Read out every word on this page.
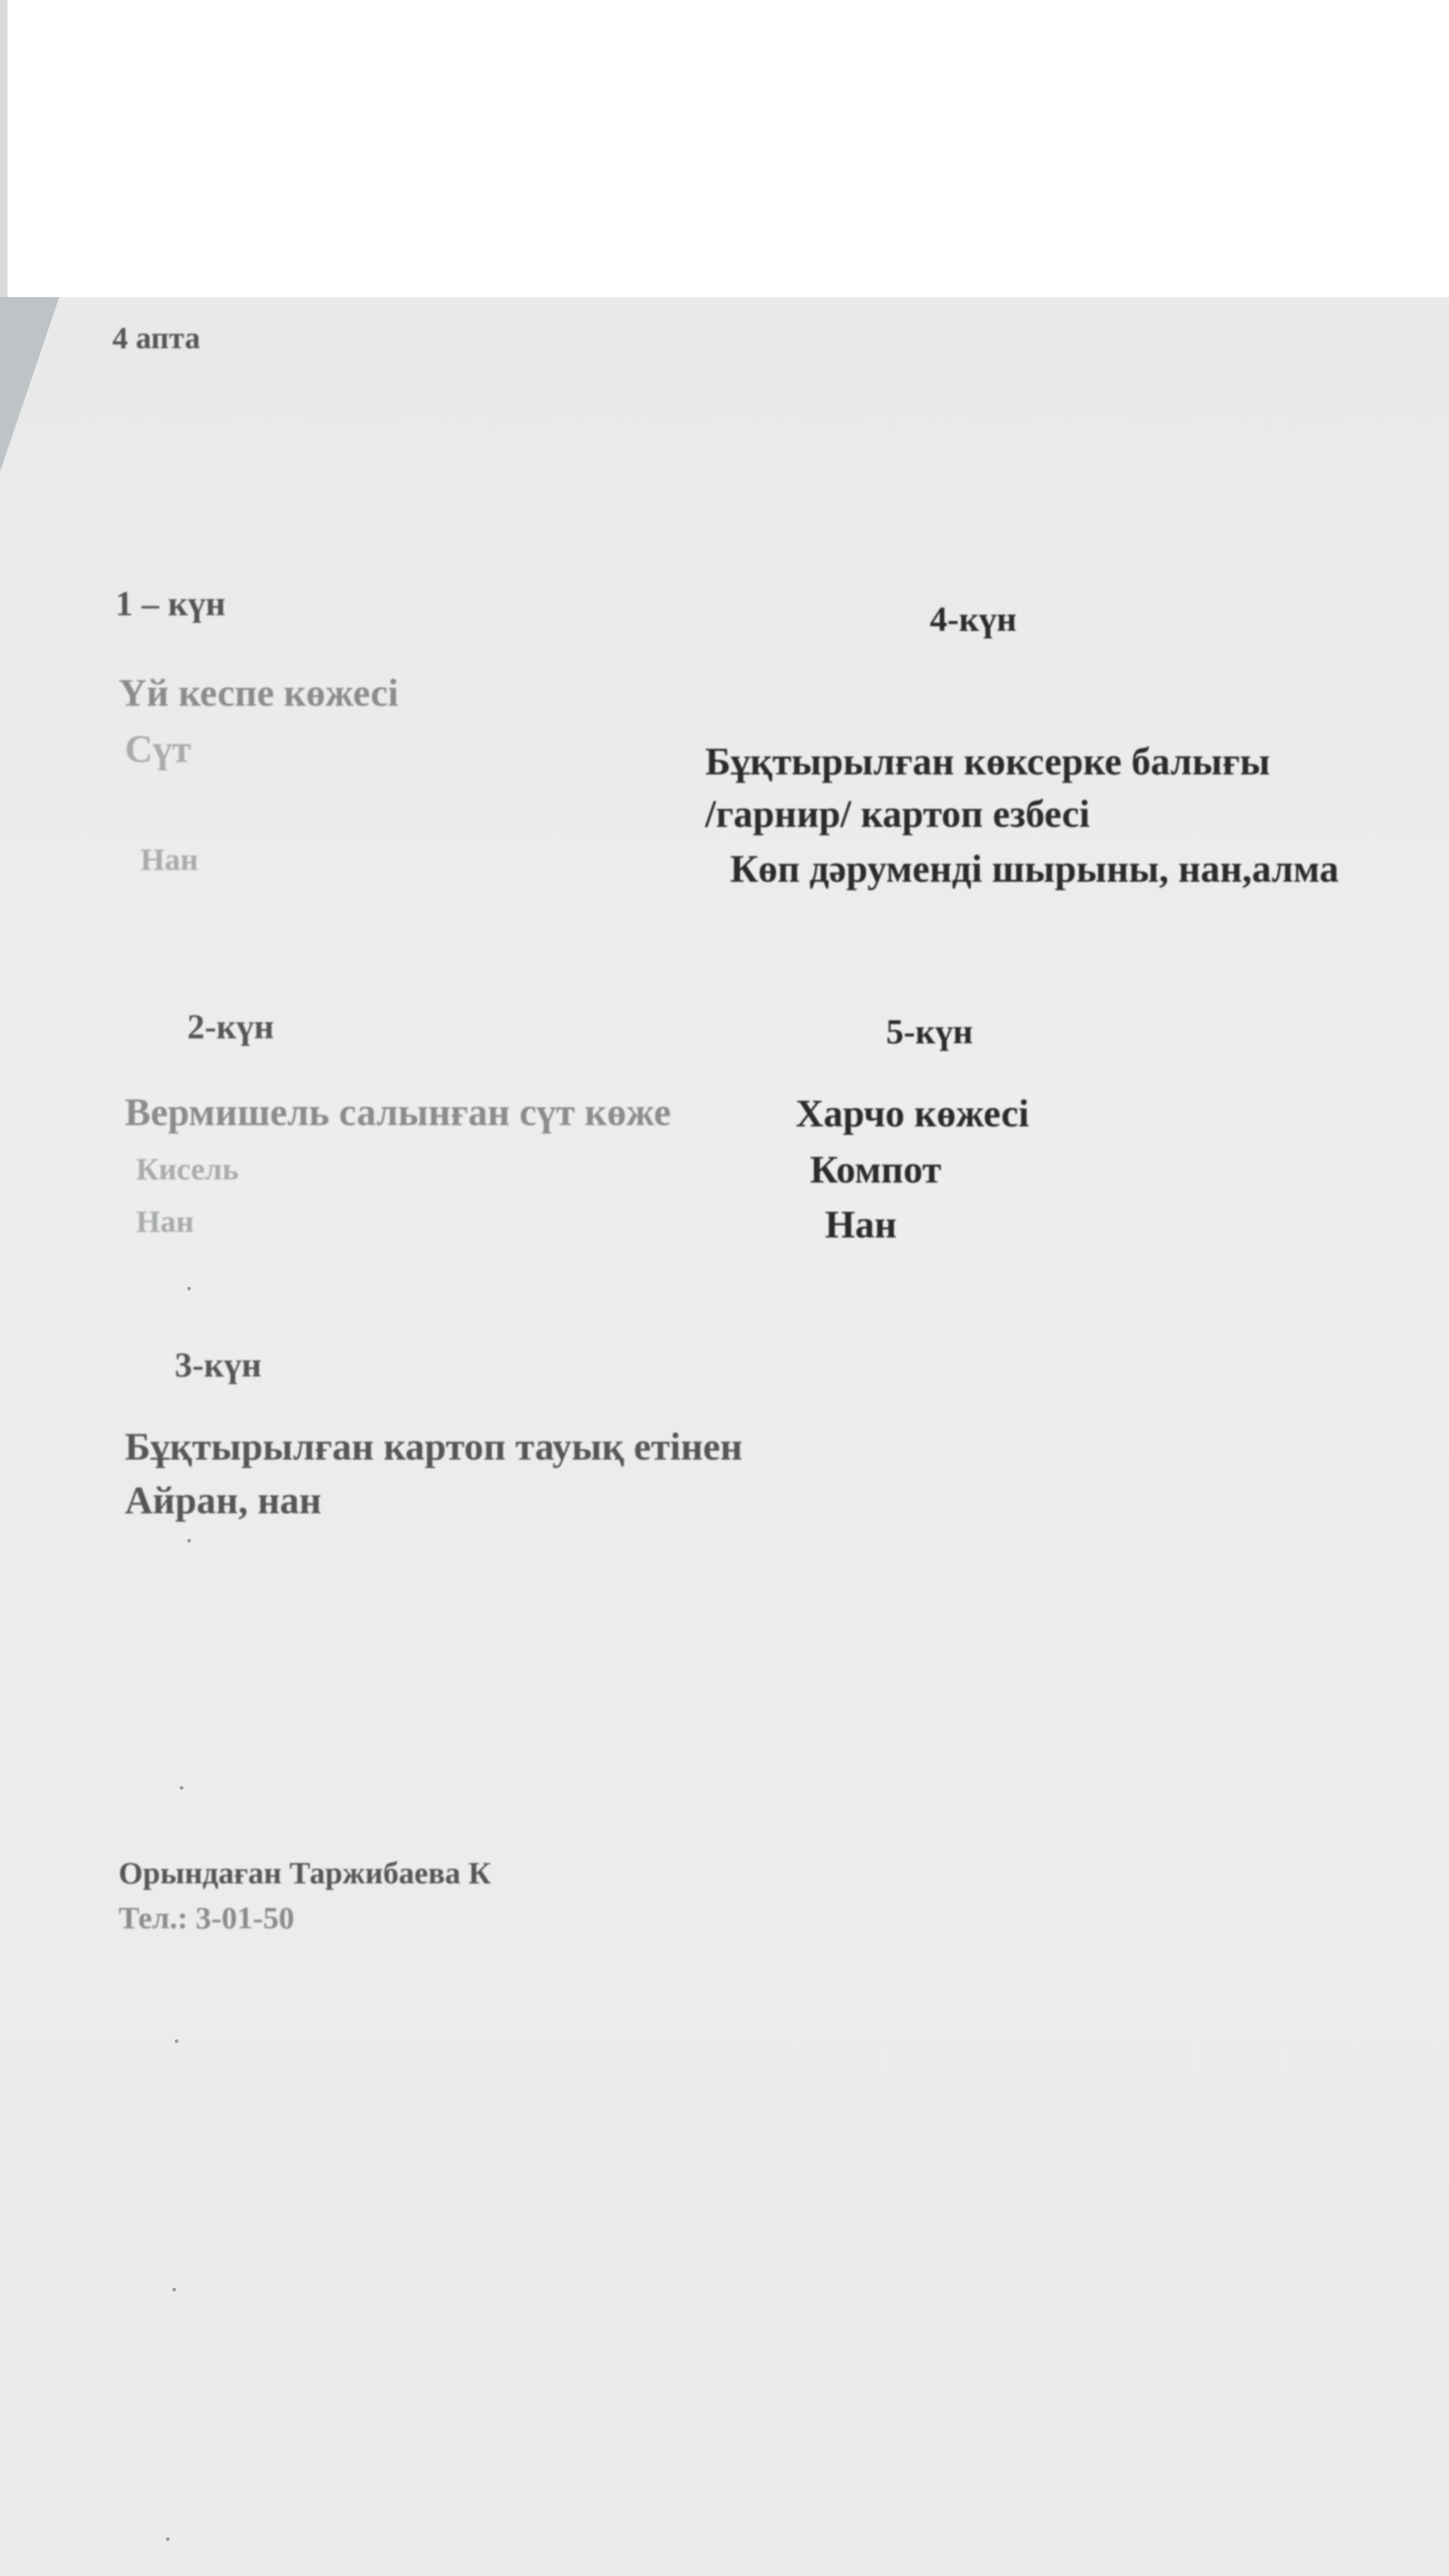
4 апта

1 – күн

Үй кеспе көжесі

Сүт

Нан

4-күн

Бұқтырылған көксерке балығы

/гарнир/ картоп езбесі

Көп дәрумендi шырыны, нан,алма

2-күн

Вермишель салынған сүт көже

Кисель

Нан

5-күн

Харчо көжесі

Компот

Нан

3-күн

Бұқтырылған картоп тауық етінен

Айран, нан

Орындаған Таржибаева К

Тел.: 3-01-50
